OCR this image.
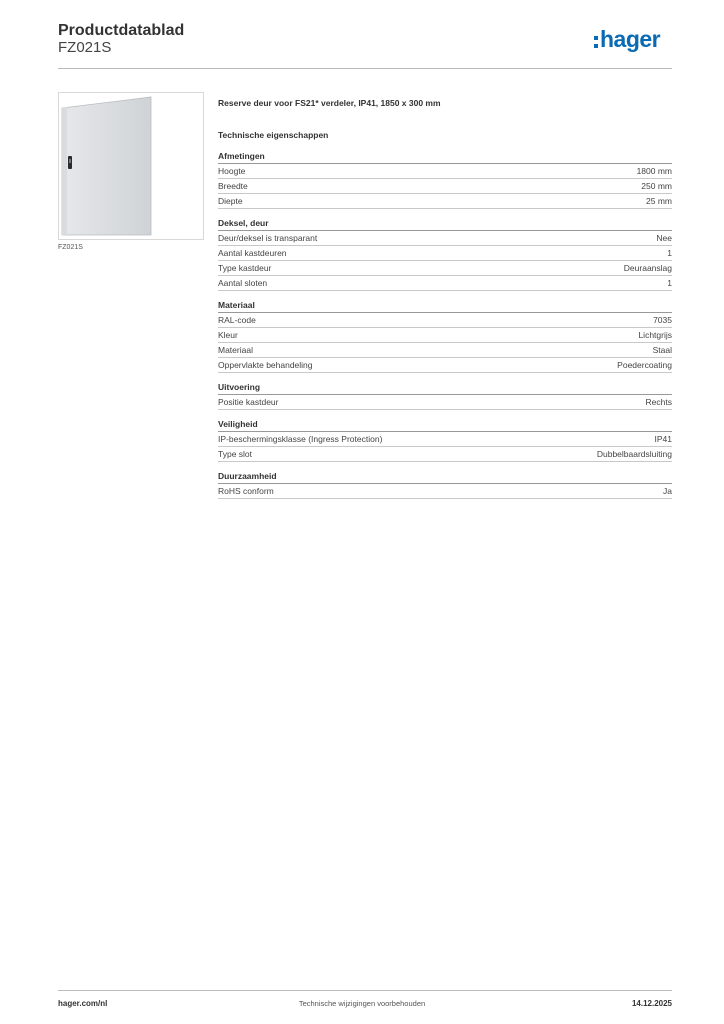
Productdatablad
FZ021S	hager
FZ021S
Reserve deur voor FS21* verdeler, IP41, 1850 x 300 mm
Technische eigenschappen
Afmetingen
Hoogte	1800 mm
Breedte	250 mm
Diepte	25 mm
Deksel, deur
Deur/deksel is transparant	Nee
Aantal kastdeuren	1
Type kastdeur	Deuraanslag
Aantal sloten	1
Materiaal
RAL-code	7035
Kleur	Lichtgrijs
Materiaal	Staal
Oppervlakte behandeling	Poedercoating
Uitvoering
Positie kastdeur	Rechts
Veiligheid
IP-beschermingsklasse (Ingress Protection)	IP41
Type slot	Dubbelbaardsluiting
Duurzaamheid
RoHS conform	Ja
Technische wijzigingen voorbehouden
hager.com/nl	14.12.2025
